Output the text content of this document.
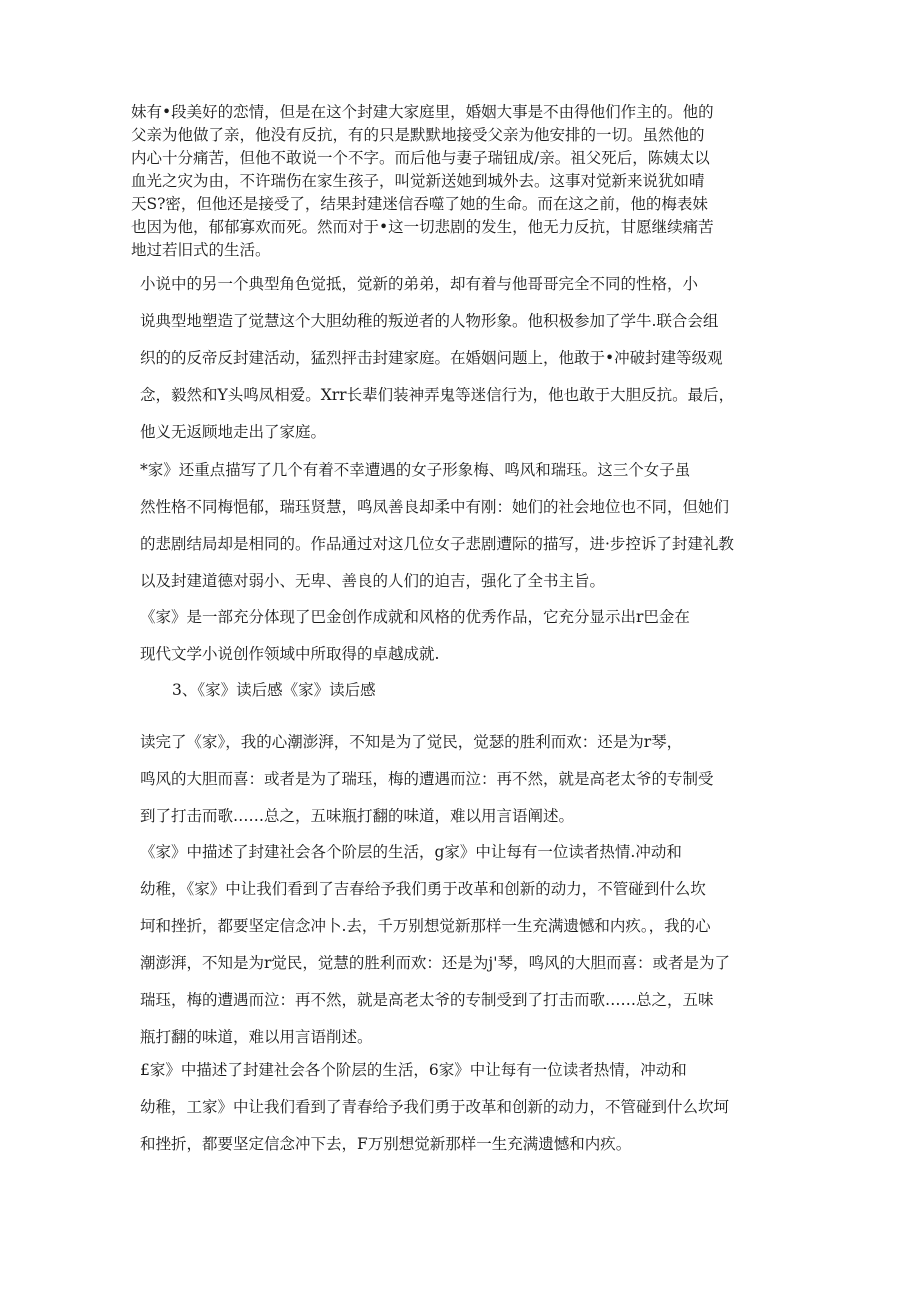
妹有•段美好的恋情，但是在这个封建大家庭里，婚姻大事是不由得他们作主的。他的
父亲为他做了亲，他没有反抗，有的只是默默地接受父亲为他安排的一切。虽然他的
内心十分痛苦，但他不敢说一个不字。而后他与妻子瑞钮成/亲。祖父死后，陈姨太以
血光之灾为由，不许瑞伤在家生孩子，叫觉新送她到城外去。这事对觉新来说犹如晴
天S?密，但他还是接受了，结果封建迷信吞噬了她的生命。而在这之前，他的梅表妹
也因为他，郁郁寡欢而死。然而对于•这一切悲剧的发生，他无力反抗，甘愿继续痛苦
地过若旧式的生活。

小说中的另一个典型角色觉抵，觉新的弟弟，却有着与他哥哥完全不同的性格，小
说典型地塑造了觉慧这个大胆幼稚的叛逆者的人物形象。他积极参加了学牛.联合会组
织的的反帝反封建活动，猛烈抨击封建家庭。在婚姻问题上，他敢于•冲破封建等级观
念，毅然和Y头鸣凤相爱。Xrr长辈们装神弄鬼等迷信行为，他也敢于大胆反抗。最后，
他义无返顾地走出了家庭。

*家》还重点描写了几个有着不幸遭遇的女子形象梅、鸣风和瑞珏。这三个女子虽
然性格不同梅悒郁，瑞珏贤慧，鸣凤善良却柔中有刚：她们的社会地位也不同，但她们
的悲剧结局却是相同的。作品通过对这几位女子悲剧遭际的描写，进·步控诉了封建礼教
以及封建道德对弱小、无卑、善良的人们的迫吉，强化了全书主旨。

《家》是一部充分体现了巴金创作成就和风格的优秀作品，它充分显示出r巴金在
现代文学小说创作领域中所取得的卓越成就.

3、《家》读后感《家》读后感

读完了《家》，我的心潮澎湃，不知是为了觉民，觉瑟的胜利而欢：还是为r琴，
鸣风的大胆而喜：或者是为了瑞珏，梅的遭遇而泣：再不然，就是高老太爷的专制受
到了打击而歌……总之，五味瓶打翻的味道，难以用言语阐述。

《家》中描述了封建社会各个阶层的生活，g家》中让每有一位读者热情.冲动和
幼稚，《家》中让我们看到了吉春给予我们勇于改革和创新的动力，不管碰到什么坎
坷和挫折，都要坚定信念冲卜.去，千万别想觉新那样一生充满遗憾和内疚。，我的心
潮澎湃，不知是为r觉民，觉慧的胜利而欢：还是为j'琴，鸣风的大胆而喜：或者是为了
瑞珏，梅的遭遇而泣：再不然，就是高老太爷的专制受到了打击而歌……总之，五味
瓶打翻的味道，难以用言语削述。

£家》中描述了封建社会各个阶层的生活，6家》中让每有一位读者热情，冲动和
幼稚，工家》中让我们看到了青春给予我们勇于改革和创新的动力，不管碰到什么坎坷
和挫折，都要坚定信念冲下去，F万别想觉新那样一生充满遗憾和内疚。
